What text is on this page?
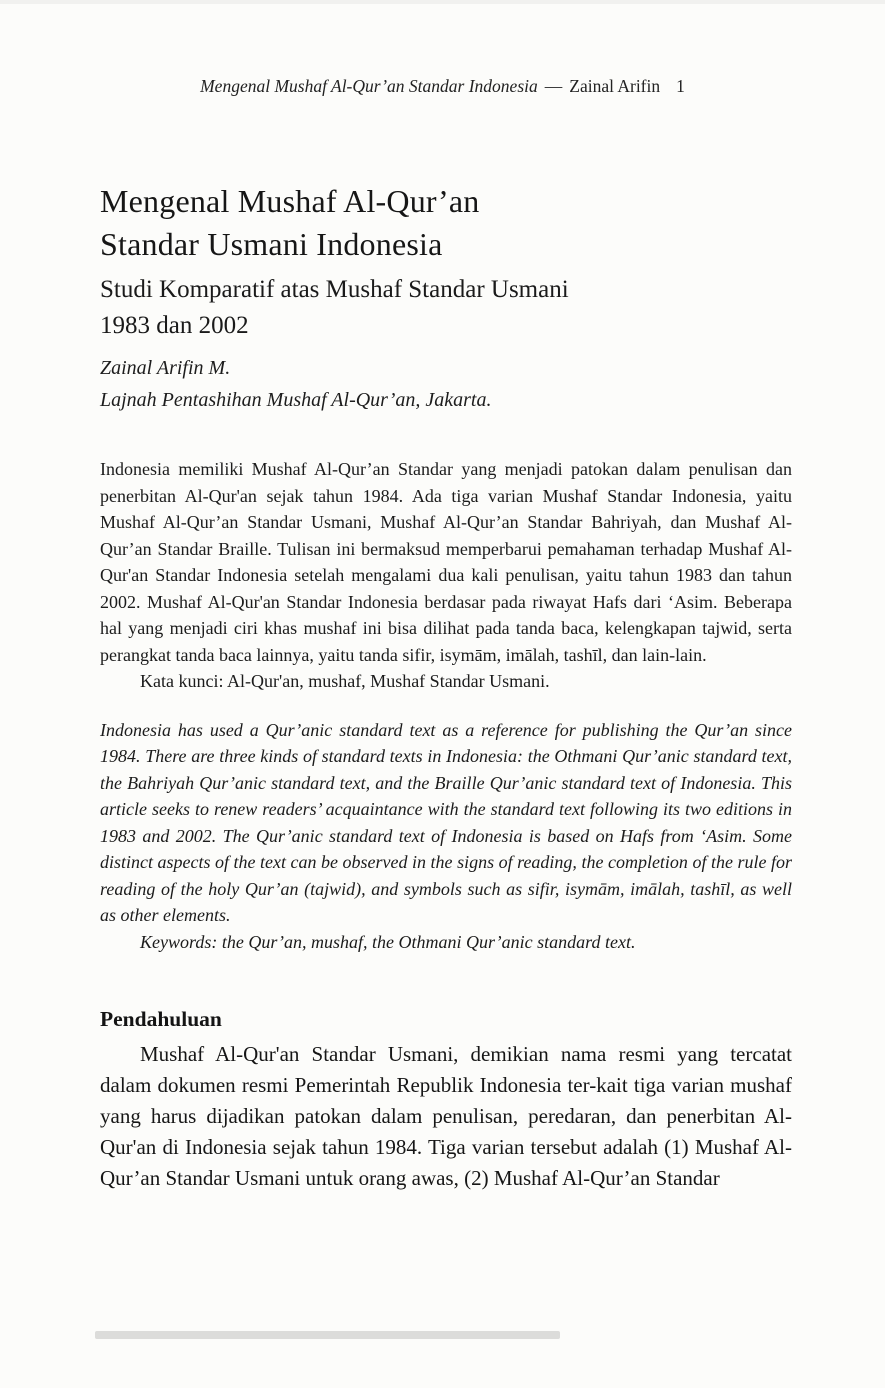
Mengenal Mushaf Al-Qur’an Standar Indonesia — Zainal Arifin 1
Mengenal Mushaf Al-Qur’an
Standar Usmani Indonesia
Studi Komparatif atas Mushaf Standar Usmani
1983 dan 2002
Zainal Arifin M.
Lajnah Pentashihan Mushaf Al-Qur’an, Jakarta.
Indonesia memiliki Mushaf Al-Qur’an Standar yang menjadi patokan dalam penulisan dan penerbitan Al-Qur'an sejak tahun 1984. Ada tiga varian Mushaf Standar Indonesia, yaitu Mushaf Al-Qur’an Standar Usmani, Mushaf Al-Qur’an Standar Bahriyah, dan Mushaf Al-Qur’an Standar Braille. Tulisan ini bermaksud memperbarui pemahaman terhadap Mushaf Al-Qur'an Standar Indonesia setelah mengalami dua kali penulisan, yaitu tahun 1983 dan tahun 2002. Mushaf Al-Qur'an Standar Indonesia berdasar pada riwayat Hafs dari ‘Asim. Beberapa hal yang menjadi ciri khas mushaf ini bisa dilihat pada tanda baca, kelengkapan tajwid, serta perangkat tanda baca lainnya, yaitu tanda sifir, isymām, imālah, tashīl, dan lain-lain.
Kata kunci: Al-Qur'an, mushaf, Mushaf Standar Usmani.
Indonesia has used a Qur’anic standard text as a reference for publishing the Qur’an since 1984. There are three kinds of standard texts in Indonesia: the Othmani Qur’anic standard text, the Bahriyah Qur’anic standard text, and the Braille Qur’anic standard text of Indonesia. This article seeks to renew readers’ acquaintance with the standard text following its two editions in 1983 and 2002. The Qur’anic standard text of Indonesia is based on Hafs from ‘Asim. Some distinct aspects of the text can be observed in the signs of reading, the completion of the rule for reading of the holy Qur’an (tajwid), and symbols such as sifir, isymām, imālah, tashīl, as well as other elements.
Keywords: the Qur’an, mushaf, the Othmani Qur’anic standard text.
Pendahuluan
Mushaf Al-Qur'an Standar Usmani, demikian nama resmi yang tercatat dalam dokumen resmi Pemerintah Republik Indonesia ter-kait tiga varian mushaf yang harus dijadikan patokan dalam penulisan, peredaran, dan penerbitan Al-Qur'an di Indonesia sejak tahun 1984. Tiga varian tersebut adalah (1) Mushaf Al-Qur’an Standar Usmani untuk orang awas, (2) Mushaf Al-Qur’an Standar
